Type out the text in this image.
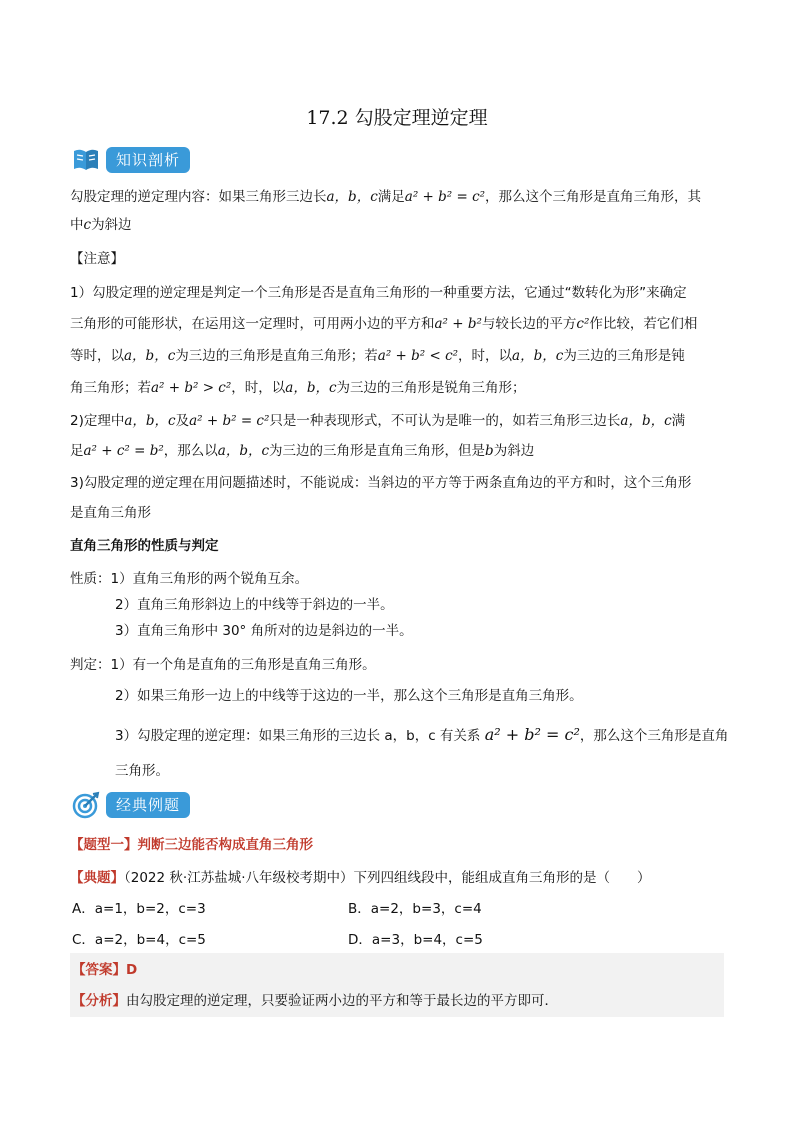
17.2 勾股定理逆定理
知识剖析
勾股定理的逆定理内容：如果三角形三边长a，b，c满足a² + b² = c²，那么这个三角形是直角三角形，其
中c为斜边
【注意】
1）勾股定理的逆定理是判定一个三角形是否是直角三角形的一种重要方法，它通过“数转化为形”来确定
三角形的可能形状，在运用这一定理时，可用两小边的平方和a² + b²与较长边的平方c²作比较，若它们相
等时，以a，b，c为三边的三角形是直角三角形；若a² + b² < c²，时，以a，b，c为三边的三角形是钝
角三角形；若a² + b² > c²，时，以a，b，c为三边的三角形是锐角三角形；
2)定理中a，b，c及a² + b² = c²只是一种表现形式，不可认为是唯一的，如若三角形三边长a，b，c满
足a² + c² = b²，那么以a，b，c为三边的三角形是直角三角形，但是b为斜边
3)勾股定理的逆定理在用问题描述时，不能说成：当斜边的平方等于两条直角边的平方和时，这个三角形
是直角三角形
直角三角形的性质与判定
性质：1）直角三角形的两个锐角互余。
2）直角三角形斜边上的中线等于斜边的一半。
3）直角三角形中 30° 角所对的边是斜边的一半。
判定：1）有一个角是直角的三角形是直角三角形。
2）如果三角形一边上的中线等于这边的一半，那么这个三角形是直角三角形。
3）勾股定理的逆定理：如果三角形的三边长 a，b，c 有关系 a² + b² = c²，那么这个三角形是直角
三角形。
经典例题
【题型一】判断三边能否构成直角三角形
【典题】（2022 秋·江苏盐城·八年级校考期中）下列四组线段中，能组成直角三角形的是（　　）
A．a=1，b=2，c=3	B．a=2，b=3，c=4
C．a=2，b=4，c=5	D．a=3，b=4，c=5
【答案】D
【分析】由勾股定理的逆定理，只要验证两小边的平方和等于最长边的平方即可．
